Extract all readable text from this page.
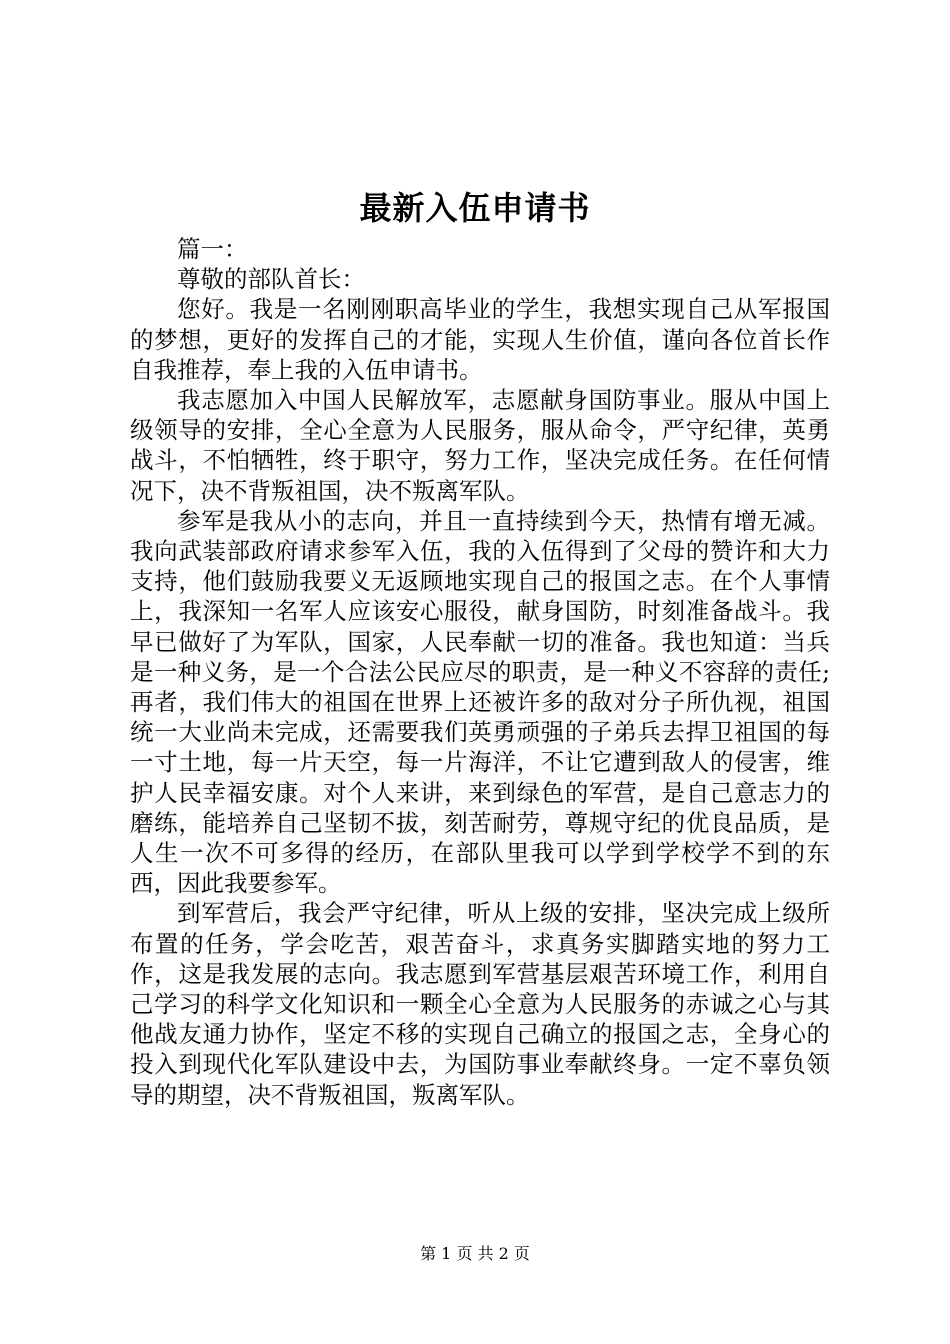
最新入伍申请书

篇一：

尊敬的部队首长：

您好。我是一名刚刚职高毕业的学生，我想实现自己从军报国的梦想，更好的发挥自己的才能，实现人生价值，谨向各位首长作自我推荐，奉上我的入伍申请书。

我志愿加入中国人民解放军，志愿献身国防事业。服从中国上级领导的安排，全心全意为人民服务，服从命令，严守纪律，英勇战斗，不怕牺牲，终于职守，努力工作，坚决完成任务。在任何情况下，决不背叛祖国，决不叛离军队。

参军是我从小的志向，并且一直持续到今天，热情有增无减。我向武装部政府请求参军入伍，我的入伍得到了父母的赞许和大力支持，他们鼓励我要义无返顾地实现自己的报国之志。在个人事情上，我深知一名军人应该安心服役，献身国防，时刻准备战斗。我早已做好了为军队，国家，人民奉献一切的准备。我也知道：当兵是一种义务，是一个合法公民应尽的职责，是一种义不容辞的责任;再者，我们伟大的祖国在世界上还被许多的敌对分子所仇视，祖国统一大业尚未完成，还需要我们英勇顽强的子弟兵去捍卫祖国的每一寸土地，每一片天空，每一片海洋，不让它遭到敌人的侵害，维护人民幸福安康。对个人来讲，来到绿色的军营，是自己意志力的磨练，能培养自己坚韧不拔，刻苦耐劳，尊规守纪的优良品质，是人生一次不可多得的经历，在部队里我可以学到学校学不到的东西，因此我要参军。

到军营后，我会严守纪律，听从上级的安排，坚决完成上级所布置的任务，学会吃苦，艰苦奋斗，求真务实脚踏实地的努力工作，这是我发展的志向。我志愿到军营基层艰苦环境工作，利用自己学习的科学文化知识和一颗全心全意为人民服务的赤诚之心与其他战友通力协作，坚定不移的实现自己确立的报国之志，全身心的投入到现代化军队建设中去，为国防事业奉献终身。一定不辜负领导的期望，决不背叛祖国，叛离军队。

第 1 页 共 2 页
